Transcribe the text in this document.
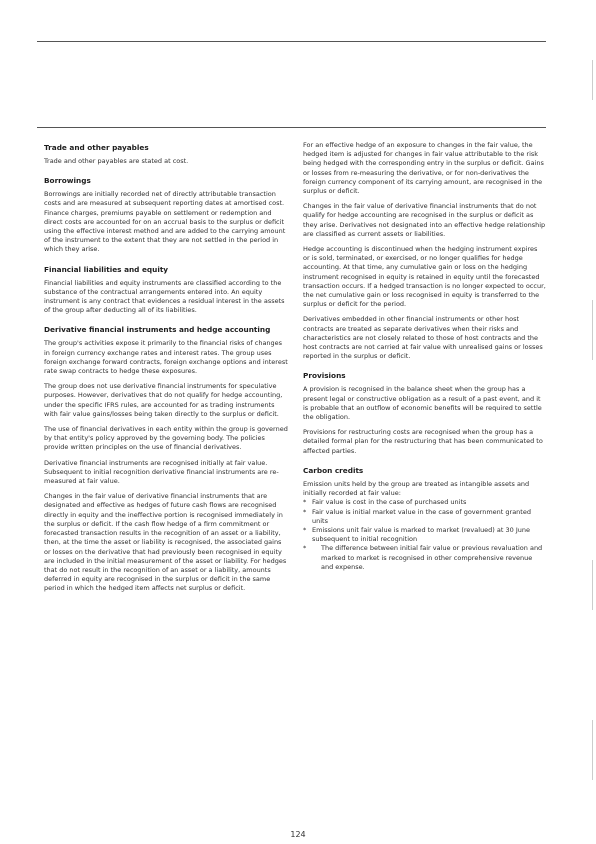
Trade and other payables

Trade and other payables are stated at cost.

Borrowings

Borrowings are initially recorded net of directly attributable transaction costs and are measured at subsequent reporting dates at amortised cost. Finance charges, premiums payable on settlement or redemption and direct costs are accounted for on an accrual basis to the surplus or deficit using the effective interest method and are added to the carrying amount of the instrument to the extent that they are not settled in the period in which they arise.

Financial liabilities and equity

Financial liabilities and equity instruments are classified according to the substance of the contractual arrangements entered into. An equity instrument is any contract that evidences a residual interest in the assets of the group after deducting all of its liabilities.

Derivative financial instruments and hedge accounting

The group's activities expose it primarily to the financial risks of changes in foreign currency exchange rates and interest rates. The group uses foreign exchange forward contracts, foreign exchange options and interest rate swap contracts to hedge these exposures.

The group does not use derivative financial instruments for speculative purposes. However, derivatives that do not qualify for hedge accounting, under the specific IFRS rules, are accounted for as trading instruments with fair value gains/losses being taken directly to the surplus or deficit.

The use of financial derivatives in each entity within the group is governed by that entity's policy approved by the governing body. The policies provide written principles on the use of financial derivatives.

Derivative financial instruments are recognised initially at fair value. Subsequent to initial recognition derivative financial instruments are re-measured at fair value.

Changes in the fair value of derivative financial instruments that are designated and effective as hedges of future cash flows are recognised directly in equity and the ineffective portion is recognised immediately in the surplus or deficit. If the cash flow hedge of a firm commitment or forecasted transaction results in the recognition of an asset or a liability, then, at the time the asset or liability is recognised, the associated gains or losses on the derivative that had previously been recognised in equity are included in the initial measurement of the asset or liability. For hedges that do not result in the recognition of an asset or a liability, amounts deferred in equity are recognised in the surplus or deficit in the same period in which the hedged item affects net surplus or deficit.

For an effective hedge of an exposure to changes in the fair value, the hedged item is adjusted for changes in fair value attributable to the risk being hedged with the corresponding entry in the surplus or deficit. Gains or losses from re-measuring the derivative, or for non-derivatives the foreign currency component of its carrying amount, are recognised in the surplus or deficit.

Changes in the fair value of derivative financial instruments that do not qualify for hedge accounting are recognised in the surplus or deficit as they arise. Derivatives not designated into an effective hedge relationship are classified as current assets or liabilities.

Hedge accounting is discontinued when the hedging instrument expires or is sold, terminated, or exercised, or no longer qualifies for hedge accounting. At that time, any cumulative gain or loss on the hedging instrument recognised in equity is retained in equity until the forecasted transaction occurs. If a hedged transaction is no longer expected to occur, the net cumulative gain or loss recognised in equity is transferred to the surplus or deficit for the period.

Derivatives embedded in other financial instruments or other host contracts are treated as separate derivatives when their risks and characteristics are not closely related to those of host contracts and the host contracts are not carried at fair value with unrealised gains or losses reported in the surplus or deficit.

Provisions

A provision is recognised in the balance sheet when the group has a present legal or constructive obligation as a result of a past event, and it is probable that an outflow of economic benefits will be required to settle the obligation.

Provisions for restructuring costs are recognised when the group has a detailed formal plan for the restructuring that has been communicated to affected parties.

Carbon credits

Emission units held by the group are treated as intangible assets and initially recorded at fair value:

* Fair value is cost in the case of purchased units
* Fair value is initial market value in the case of government granted units
* Emissions unit fair value is marked to market (revalued) at 30 June subsequent to initial recognition
* The difference between initial fair value or previous revaluation and marked to market is recognised in other comprehensive revenue and expense.
124
